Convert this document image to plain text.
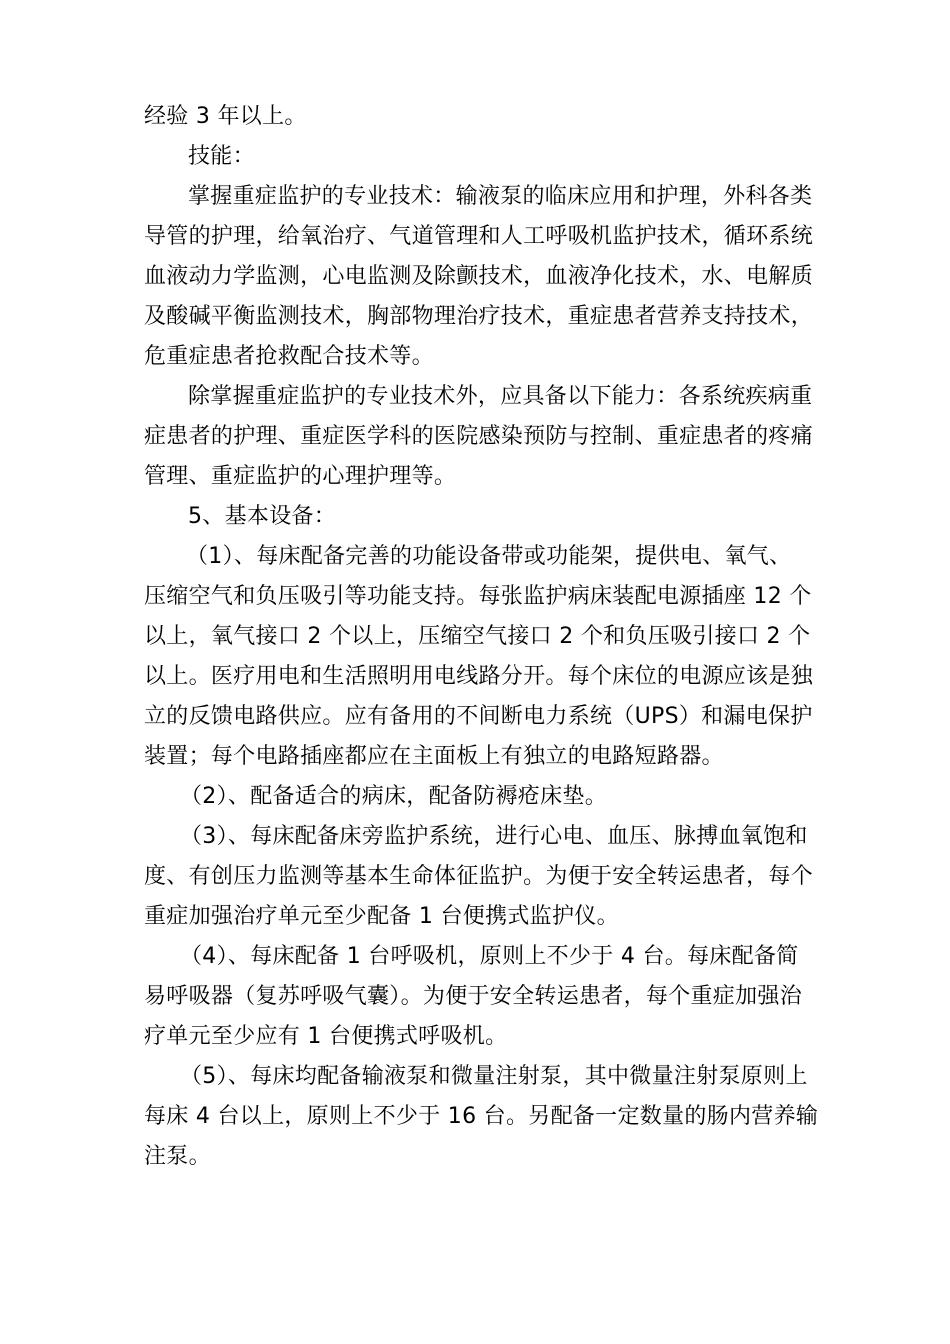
经验 3 年以上。
技能：
掌握重症监护的专业技术：输液泵的临床应用和护理，外科各类
导管的护理，给氧治疗、气道管理和人工呼吸机监护技术，循环系统
血液动力学监测，心电监测及除颤技术，血液净化技术，水、电解质
及酸碱平衡监测技术，胸部物理治疗技术，重症患者营养支持技术，
危重症患者抢救配合技术等。
除掌握重症监护的专业技术外，应具备以下能力：各系统疾病重
症患者的护理、重症医学科的医院感染预防与控制、重症患者的疼痛
管理、重症监护的心理护理等。
5、基本设备：
（1）、每床配备完善的功能设备带或功能架，提供电、氧气、
压缩空气和负压吸引等功能支持。每张监护病床装配电源插座 12 个
以上，氧气接口 2 个以上，压缩空气接口 2 个和负压吸引接口 2 个
以上。医疗用电和生活照明用电线路分开。每个床位的电源应该是独
立的反馈电路供应。应有备用的不间断电力系统（UPS）和漏电保护
装置；每个电路插座都应在主面板上有独立的电路短路器。
（2）、配备适合的病床，配备防褥疮床垫。
（3）、每床配备床旁监护系统，进行心电、血压、脉搏血氧饱和
度、有创压力监测等基本生命体征监护。为便于安全转运患者，每个
重症加强治疗单元至少配备 1 台便携式监护仪。
（4）、每床配备 1 台呼吸机，原则上不少于 4 台。每床配备简
易呼吸器（复苏呼吸气囊）。为便于安全转运患者，每个重症加强治
疗单元至少应有 1 台便携式呼吸机。
（5）、每床均配备输液泵和微量注射泵，其中微量注射泵原则上
每床 4 台以上，原则上不少于 16 台。另配备一定数量的肠内营养输
注泵。
